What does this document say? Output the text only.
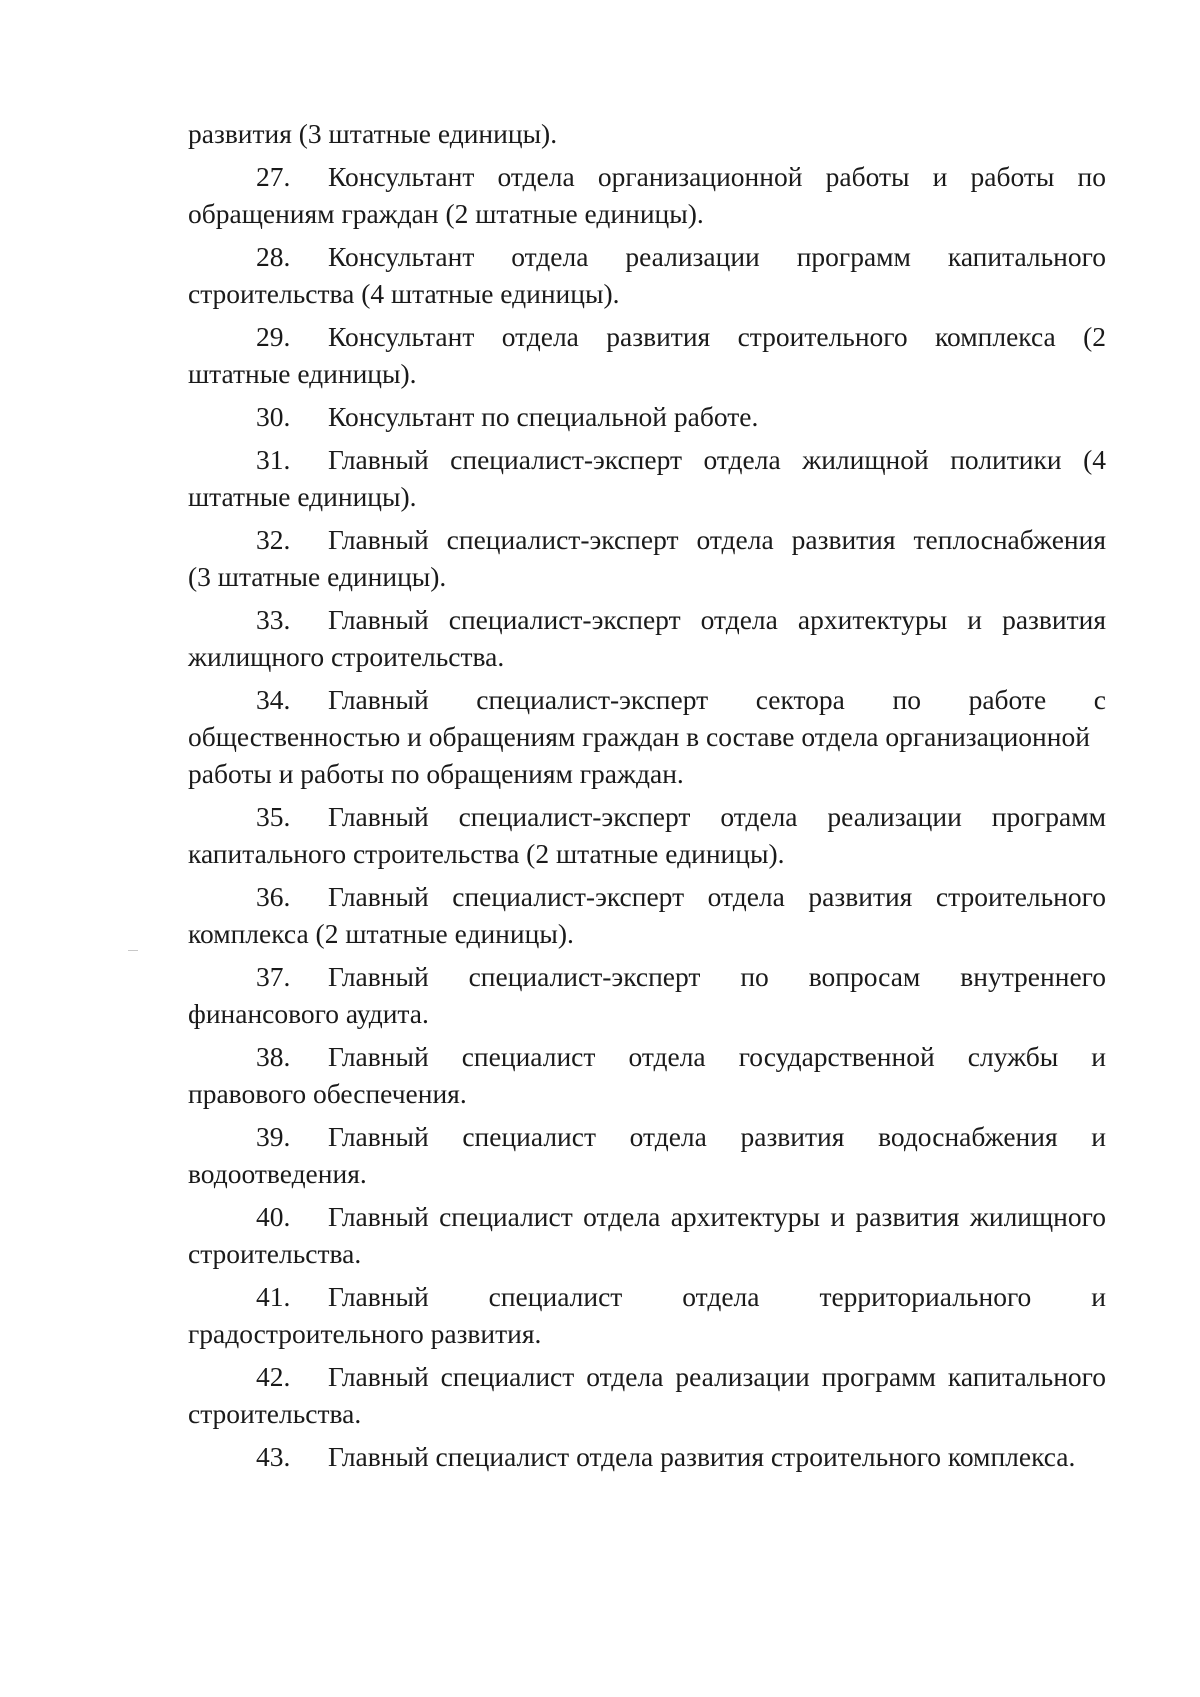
развития (3 штатные единицы).
27. Консультант отдела организационной работы и работы по
обращениям граждан (2 штатные единицы).
28. Консультант отдела реализации программ капитального
строительства (4 штатные единицы).
29. Консультант отдела развития строительного комплекса (2
штатные единицы).
30. Консультант по специальной работе.
31. Главный специалист-эксперт отдела жилищной политики (4
штатные единицы).
32. Главный специалист-эксперт отдела развития теплоснабжения
(3 штатные единицы).
33. Главный специалист-эксперт отдела архитектуры и развития
жилищного строительства.
34. Главный специалист-эксперт сектора по работе с
общественностью и обращениям граждан в составе отдела организационной работы и работы по обращениям граждан.
35. Главный специалист-эксперт отдела реализации программ
капитального строительства (2 штатные единицы).
36. Главный специалист-эксперт отдела развития строительного
комплекса (2 штатные единицы).
37. Главный специалист-эксперт по вопросам внутреннего
финансового аудита.
38. Главный специалист отдела государственной службы и
правового обеспечения.
39. Главный специалист отдела развития водоснабжения и
водоотведения.
40. Главный специалист отдела архитектуры и развития жилищного
строительства.
41. Главный специалист отдела территориального и
градостроительного развития.
42. Главный специалист отдела реализации программ капитального
строительства.
43. Главный специалист отдела развития строительного комплекса.
